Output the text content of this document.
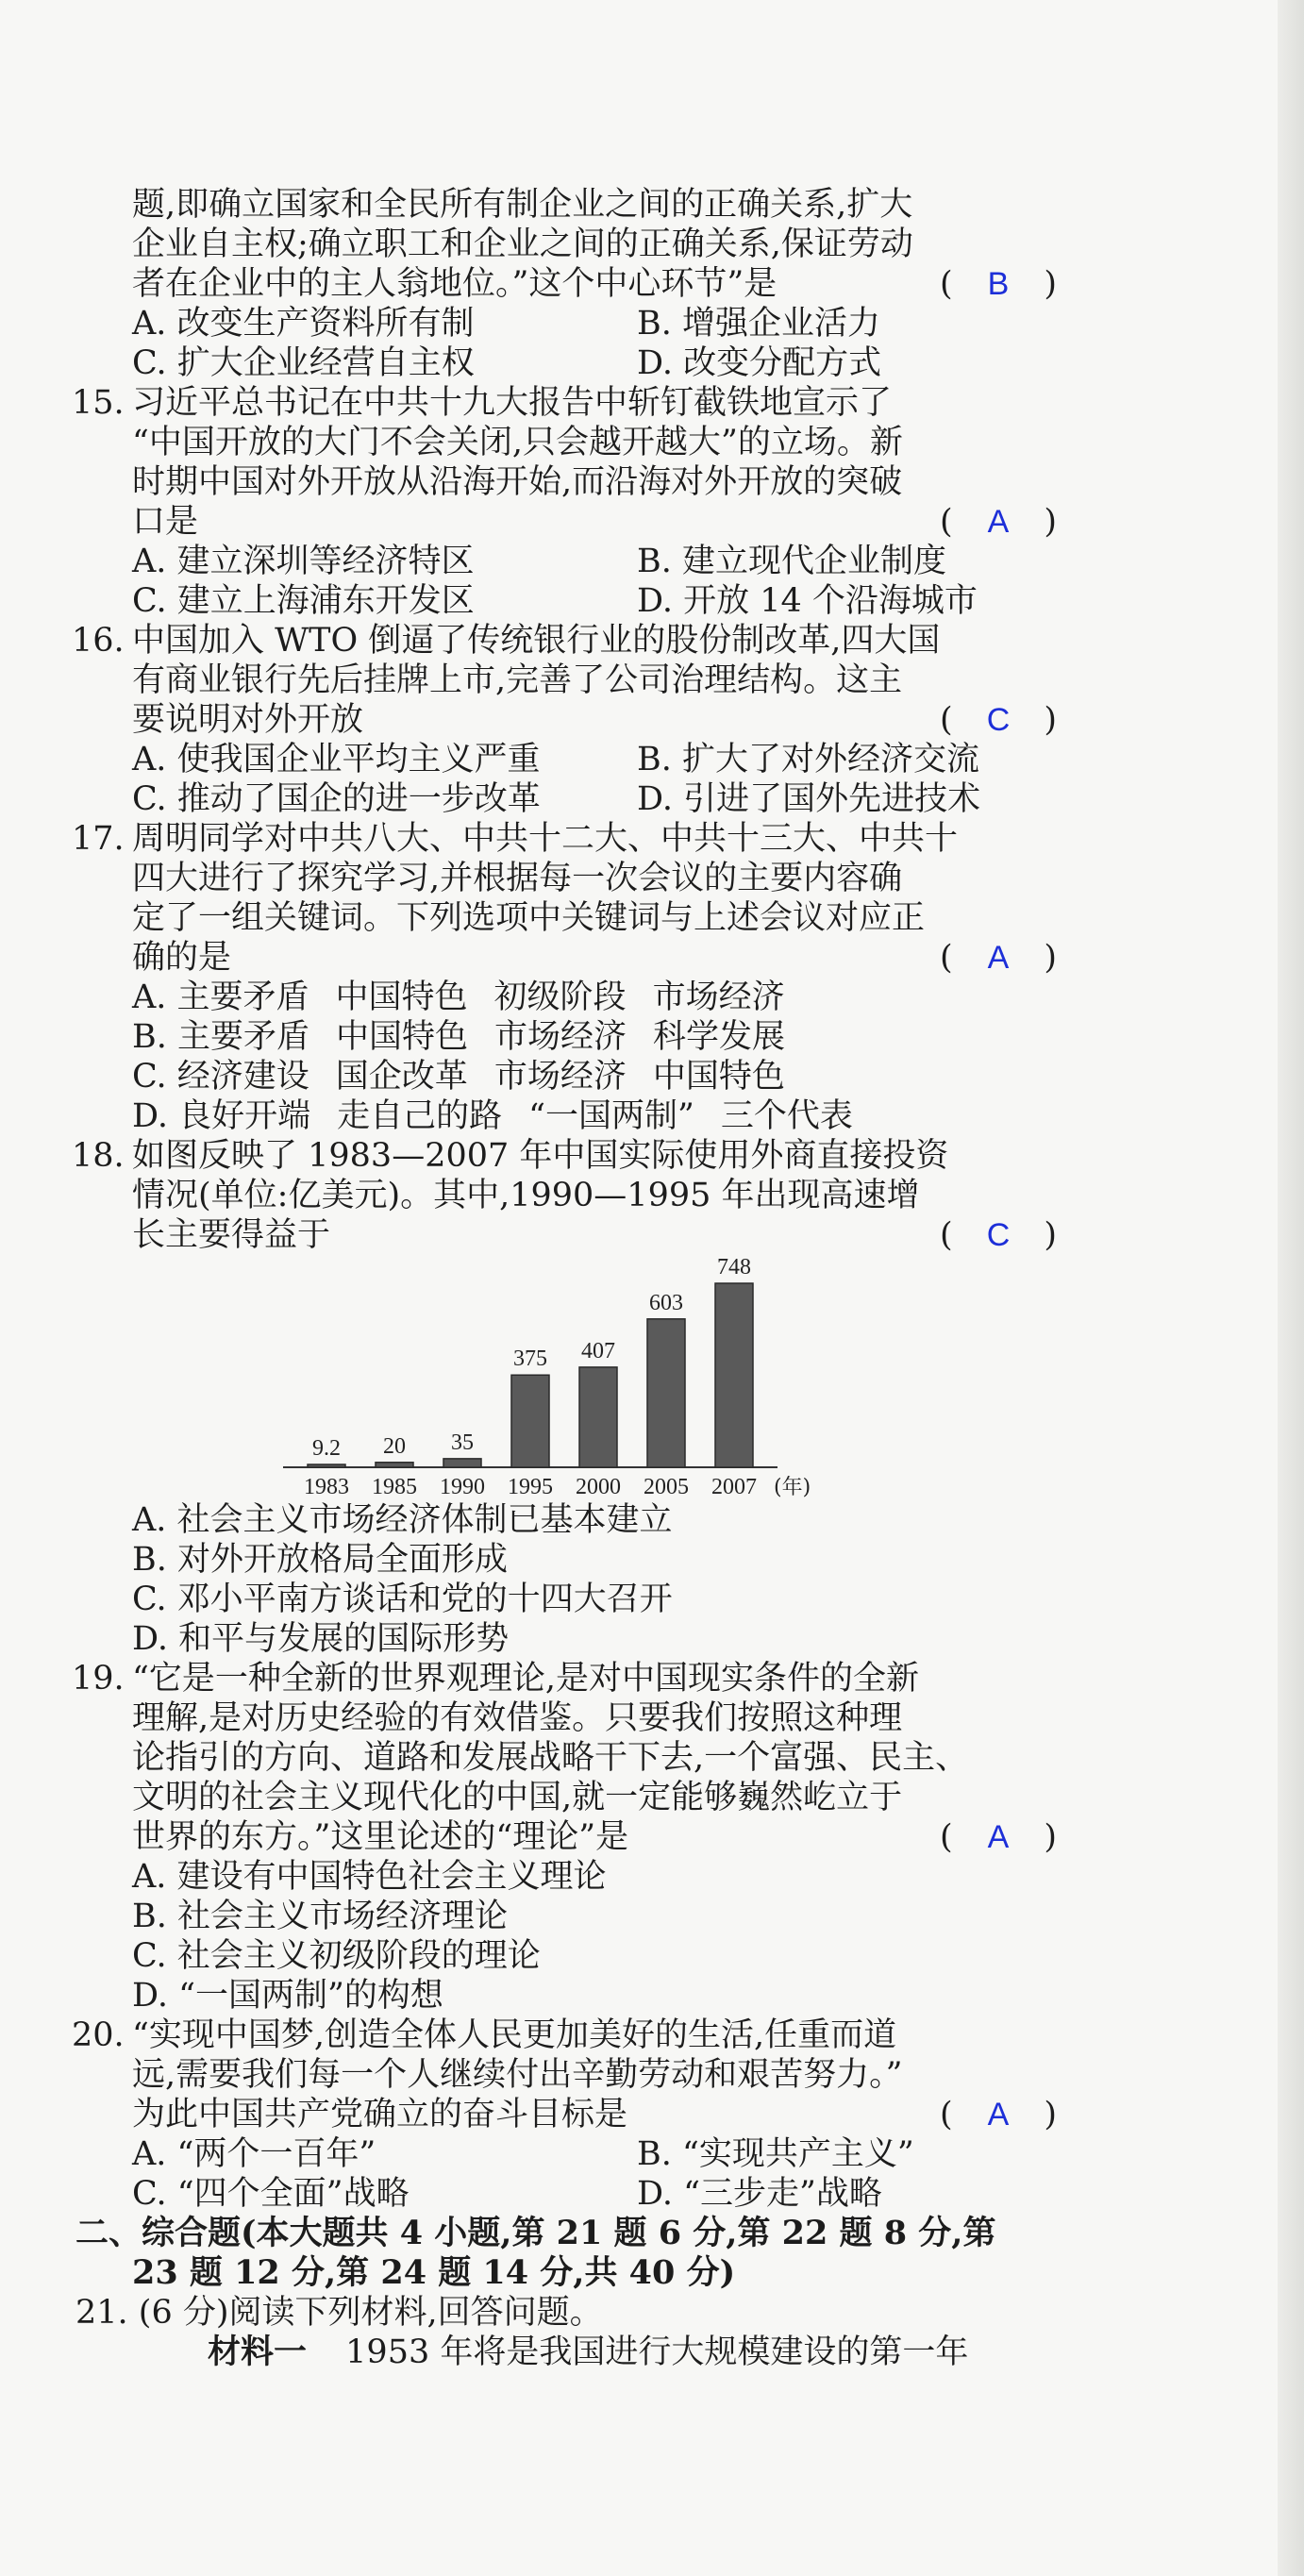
题,即确立国家和全民所有制企业之间的正确关系,扩大
企业自主权;确立职工和企业之间的正确关系,保证劳动
者在企业中的主人翁地位。”这个中心环节”是	( B )
A. 改变生产资料所有制	B. 增强企业活力
C. 扩大企业经营自主权	D. 改变分配方式
15. 习近平总书记在中共十九大报告中斩钉截铁地宣示了
“中国开放的大门不会关闭,只会越开越大”的立场。新
时期中国对外开放从沿海开始,而沿海对外开放的突破
口是	( A )
A. 建立深圳等经济特区	B. 建立现代企业制度
C. 建立上海浦东开发区	D. 开放 14 个沿海城市
16. 中国加入 WTO 倒逼了传统银行业的股份制改革,四大国
有商业银行先后挂牌上市,完善了公司治理结构。这主
要说明对外开放	( C )
A. 使我国企业平均主义严重	B. 扩大了对外经济交流
C. 推动了国企的进一步改革	D. 引进了国外先进技术
17. 周明同学对中共八大、中共十二大、中共十三大、中共十
四大进行了探究学习,并根据每一次会议的主要内容确
定了一组关键词。下列选项中关键词与上述会议对应正
确的是	( A )
A. 主要矛盾 中国特色 初级阶段 市场经济
B. 主要矛盾 中国特色 市场经济 科学发展
C. 经济建设 国企改革 市场经济 中国特色
D. 良好开端 走自己的路 “一国两制” 三个代表
18. 如图反映了 1983—2007 年中国实际使用外商直接投资
情况(单位:亿美元)。其中,1990—1995 年出现高速增
长主要得益于	( C )
9.2
1983
20
1985
35
1990
375
1995
407
2000
603
2005
748
2007 (年)
A. 社会主义市场经济体制已基本建立
B. 对外开放格局全面形成
C. 邓小平南方谈话和党的十四大召开
D. 和平与发展的国际形势
19. “它是一种全新的世界观理论,是对中国现实条件的全新
理解,是对历史经验的有效借鉴。只要我们按照这种理
论指引的方向、道路和发展战略干下去,一个富强、民主、
文明的社会主义现代化的中国,就一定能够巍然屹立于
世界的东方。”这里论述的“理论”是	( A )
A. 建设有中国特色社会主义理论
B. 社会主义市场经济理论
C. 社会主义初级阶段的理论
D. “一国两制”的构想
20. “实现中国梦,创造全体人民更加美好的生活,任重而道
远,需要我们每一个人继续付出辛勤劳动和艰苦努力。”
为此中国共产党确立的奋斗目标是	( A )
A. “两个一百年”	B. “实现共产主义”
C. “四个全面”战略	D. “三步走”战略
二、综合题(本大题共 4 小题,第 21 题 6 分,第 22 题 8 分,第
23 题 12 分,第 24 题 14 分,共 40 分)
21. (6 分)阅读下列材料,回答问题。
材料一 1953 年将是我国进行大规模建设的第一年
